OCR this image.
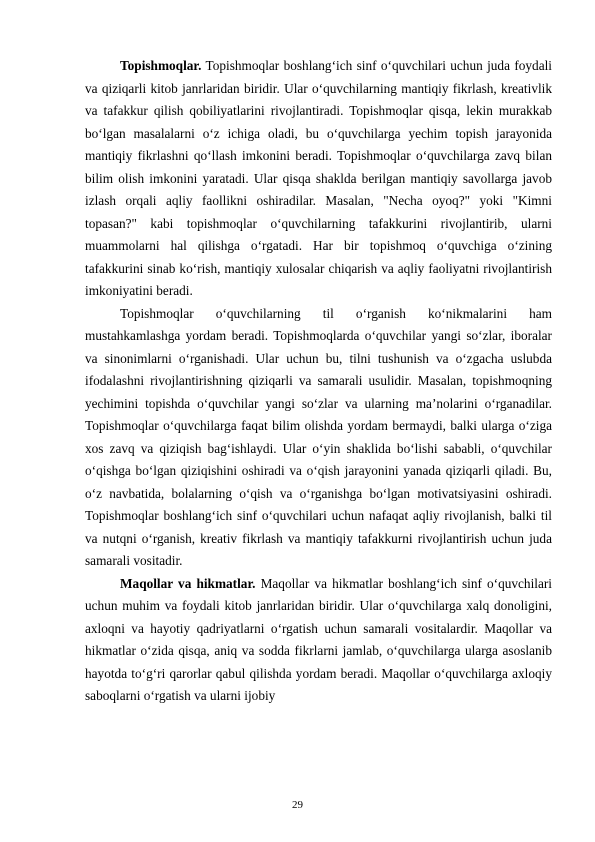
Topishmoqlar. Topishmoqlar boshlang‘ich sinf o‘quvchilari uchun juda foydali va qiziqarli kitob janrlaridan biridir. Ular o‘quvchilarning mantiqiy fikrlash, kreativlik va tafakkur qilish qobiliyatlarini rivojlantiradi. Topishmoqlar qisqa, lekin murakkab bo‘lgan masalalarni o‘z ichiga oladi, bu o‘quvchilarga yechim topish jarayonida mantiqiy fikrlashni qo‘llash imkonini beradi. Topishmoqlar o‘quvchilarga zavq bilan bilim olish imkonini yaratadi. Ular qisqa shaklda berilgan mantiqiy savollarga javob izlash orqali aqliy faollikni oshiradilar. Masalan, "Necha oyoq?" yoki "Kimni topasan?" kabi topishmoqlar o‘quvchilarning tafakkurini rivojlantirib, ularni muammolarni hal qilishga o‘rgatadi. Har bir topishmoq o‘quvchiga o‘zining tafakkurini sinab ko‘rish, mantiqiy xulosalar chiqarish va aqliy faoliyatni rivojlantirish imkoniyatini beradi.

Topishmoqlar o‘quvchilarning til o‘rganish ko‘nikmalarini ham mustahkamlashga yordam beradi. Topishmoqlarda o‘quvchilar yangi so‘zlar, iboralar va sinonimlarni o‘rganishadi. Ular uchun bu, tilni tushunish va o‘zgacha uslubda ifodalashni rivojlantirishning qiziqarli va samarali usulidir. Masalan, topishmoqning yechimini topishda o‘quvchilar yangi so‘zlar va ularning ma’nolarini o‘rganadilar. Topishmoqlar o‘quvchilarga faqat bilim olishda yordam bermaydi, balki ularga o‘ziga xos zavq va qiziqish bag‘ishlaydi. Ular o‘yin shaklida bo‘lishi sababli, o‘quvchilar o‘qishga bo‘lgan qiziqishini oshiradi va o‘qish jarayonini yanada qiziqarli qiladi. Bu, o‘z navbatida, bolalarning o‘qish va o‘rganishga bo‘lgan motivatsiyasini oshiradi. Topishmoqlar boshlang‘ich sinf o‘quvchilari uchun nafaqat aqliy rivojlanish, balki til va nutqni o‘rganish, kreativ fikrlash va mantiqiy tafakkurni rivojlantirish uchun juda samarali vositadir.

Maqollar va hikmatlar. Maqollar va hikmatlar boshlang‘ich sinf o‘quvchilari uchun muhim va foydali kitob janrlaridan biridir. Ular o‘quvchilarga xalq donoligini, axloqni va hayotiy qadriyatlarni o‘rgatish uchun samarali vositalardir. Maqollar va hikmatlar o‘zida qisqa, aniq va sodda fikrlarni jamlab, o‘quvchilarga ularga asoslanib hayotda to‘g‘ri qarorlar qabul qilishda yordam beradi. Maqollar o‘quvchilarga axloqiy saboqlarni o‘rgatish va ularni ijobiy

29
